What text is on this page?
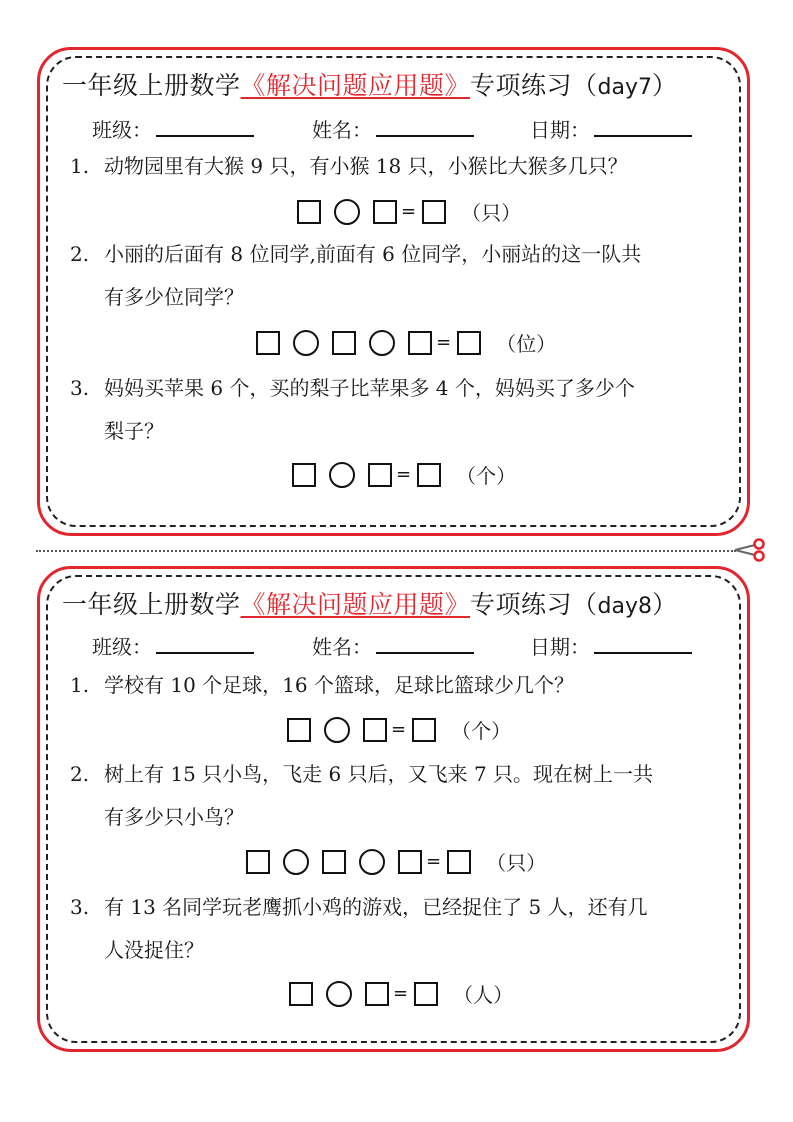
一年级上册数学《解决问题应用题》专项练习（day7）
班级：	姓名：	日期：
1. 动物园里有大猴 9 只，有小猴 18 只，小猴比大猴多几只？
= （只）
2. 小丽的后面有 8 位同学,前面有 6 位同学，小丽站的这一队共
有多少位同学？
= （位）
3. 妈妈买苹果 6 个，买的梨子比苹果多 4 个，妈妈买了多少个
梨子？
= （个）
一年级上册数学《解决问题应用题》专项练习（day8）
班级：	姓名：	日期：
1. 学校有 10 个足球，16 个篮球，足球比篮球少几个？
= （个）
2. 树上有 15 只小鸟，飞走 6 只后，又飞来 7 只。现在树上一共
有多少只小鸟？
= （只）
3. 有 13 名同学玩老鹰抓小鸡的游戏，已经捉住了 5 人，还有几
人没捉住？
= （人）
